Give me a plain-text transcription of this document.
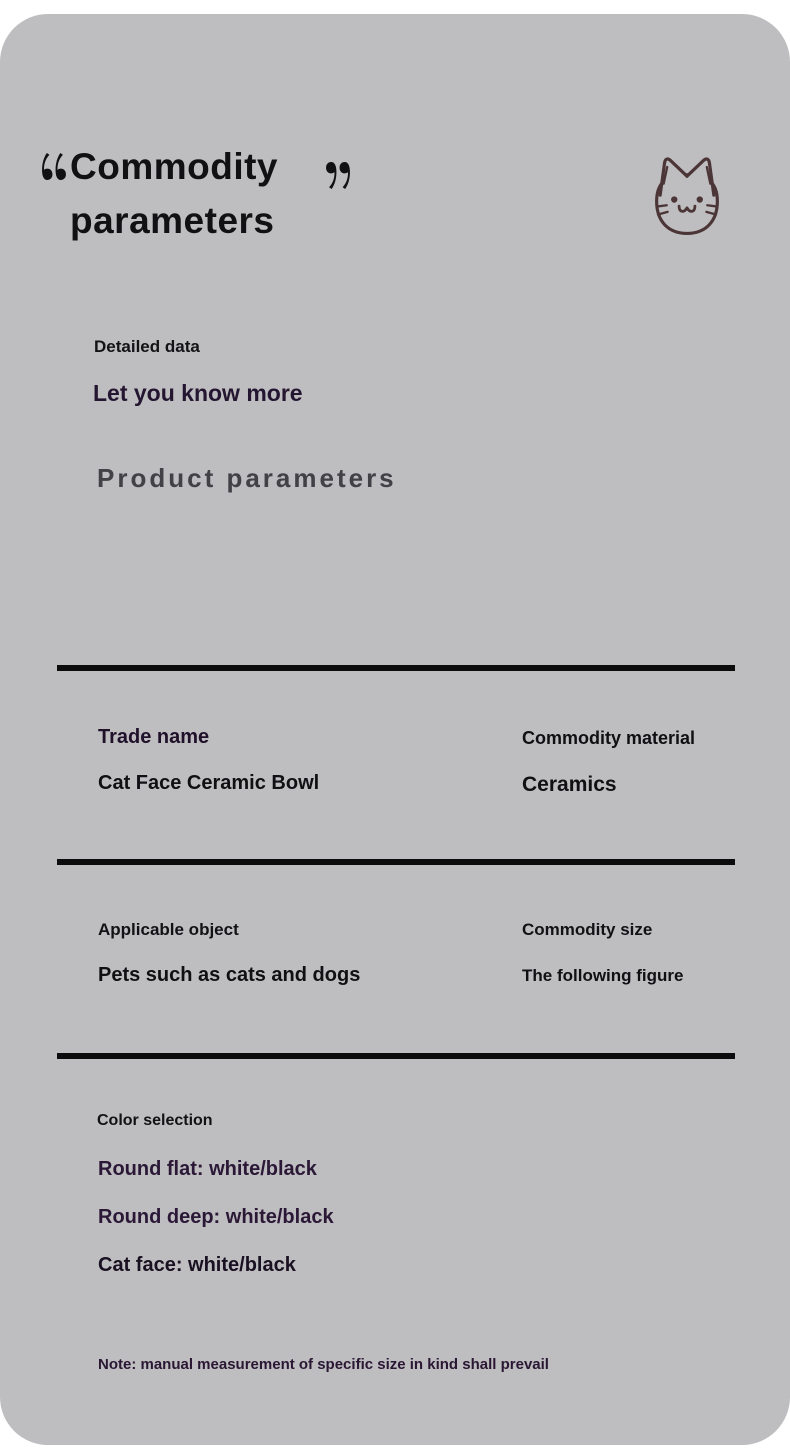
Commodity parameters
Detailed data
Let you know more
Product parameters
Trade name
Cat Face Ceramic Bowl
Commodity material
Ceramics
Applicable object
Pets such as cats and dogs
Commodity size
The following figure
Color selection
Round flat: white/black
Round deep: white/black
Cat face: white/black
Note: manual measurement of specific size in kind shall prevail
